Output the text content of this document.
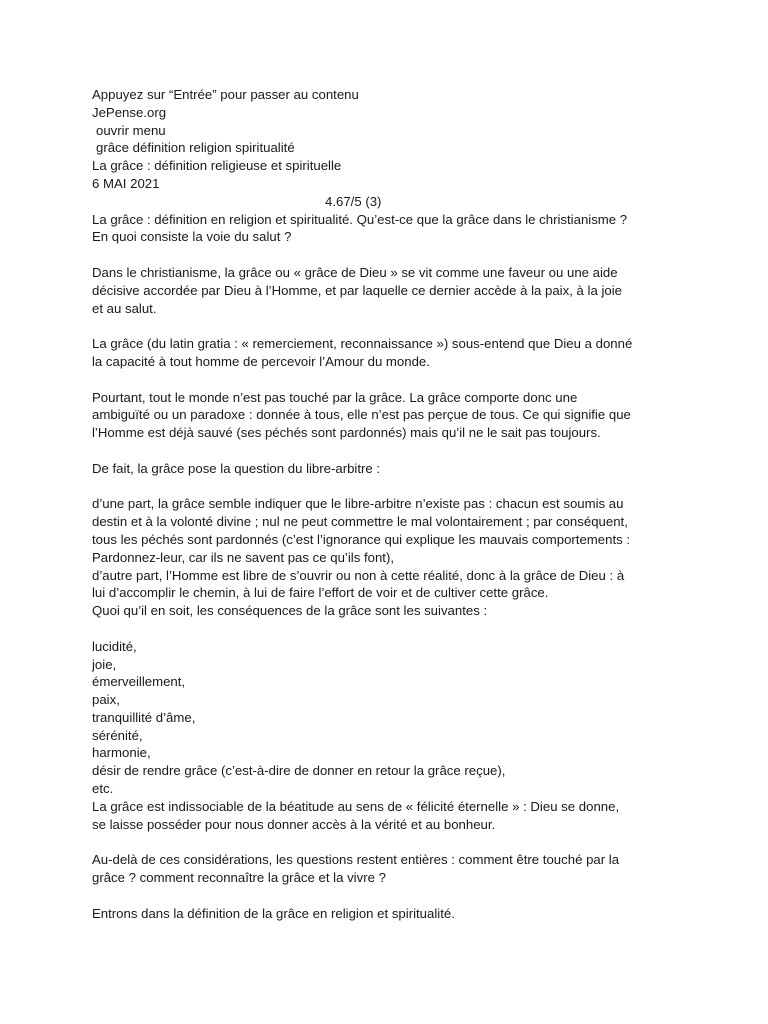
Appuyez sur “Entrée” pour passer au contenu
JePense.org
ouvrir menu
grâce définition religion spiritualité
La grâce : définition religieuse et spirituelle
6 MAI 2021
4.67/5 (3)
La grâce : définition en religion et spiritualité. Qu’est-ce que la grâce dans le christianisme ?
En quoi consiste la voie du salut ?
Dans le christianisme, la grâce ou « grâce de Dieu » se vit comme une faveur ou une aide
décisive accordée par Dieu à l’Homme, et par laquelle ce dernier accède à la paix, à la joie
et au salut.
La grâce (du latin gratia : « remerciement, reconnaissance ») sous-entend que Dieu a donné
la capacité à tout homme de percevoir l’Amour du monde.
Pourtant, tout le monde n’est pas touché par la grâce. La grâce comporte donc une
ambiguïté ou un paradoxe : donnée à tous, elle n’est pas perçue de tous. Ce qui signifie que
l’Homme est déjà sauvé (ses péchés sont pardonnés) mais qu’il ne le sait pas toujours.
De fait, la grâce pose la question du libre-arbitre :
d’une part, la grâce semble indiquer que le libre-arbitre n’existe pas : chacun est soumis au
destin et à la volonté divine ; nul ne peut commettre le mal volontairement ; par conséquent,
tous les péchés sont pardonnés (c’est l’ignorance qui explique les mauvais comportements :
Pardonnez-leur, car ils ne savent pas ce qu’ils font),
d’autre part, l’Homme est libre de s’ouvrir ou non à cette réalité, donc à la grâce de Dieu : à
lui d’accomplir le chemin, à lui de faire l’effort de voir et de cultiver cette grâce.
Quoi qu’il en soit, les conséquences de la grâce sont les suivantes :
lucidité,
joie,
émerveillement,
paix,
tranquillité d’âme,
sérénité,
harmonie,
désir de rendre grâce (c’est-à-dire de donner en retour la grâce reçue),
etc.
La grâce est indissociable de la béatitude au sens de « félicité éternelle » : Dieu se donne,
se laisse posséder pour nous donner accès à la vérité et au bonheur.
Au-delà de ces considérations, les questions restent entières : comment être touché par la
grâce ? comment reconnaître la grâce et la vivre ?
Entrons dans la définition de la grâce en religion et spiritualité.
